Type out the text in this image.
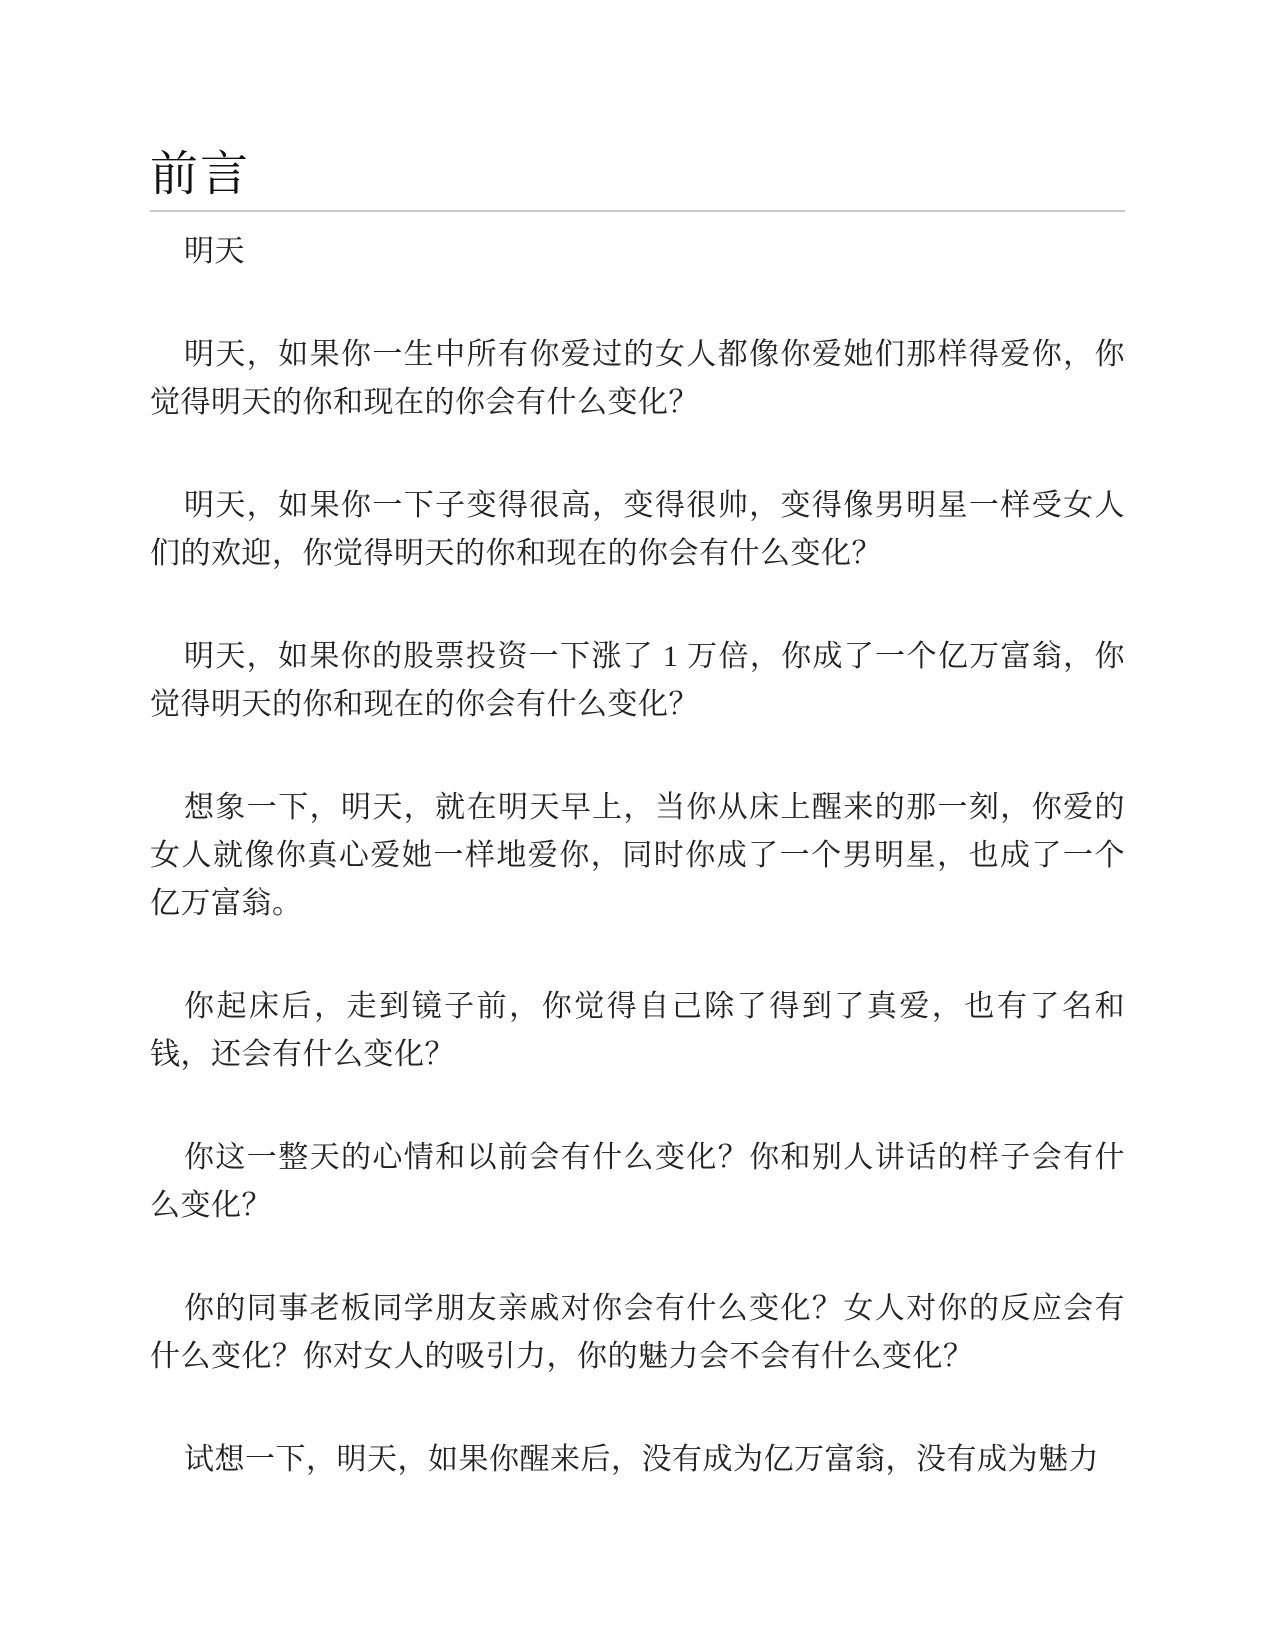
前言

明天

明天，如果你一生中所有你爱过的女人都像你爱她们那样得爱你，你觉得明天的你和现在的你会有什么变化？

明天，如果你一下子变得很高，变得很帅，变得像男明星一样受女人们的欢迎，你觉得明天的你和现在的你会有什么变化？

明天，如果你的股票投资一下涨了 1 万倍，你成了一个亿万富翁，你觉得明天的你和现在的你会有什么变化？

想象一下，明天，就在明天早上，当你从床上醒来的那一刻，你爱的女人就像你真心爱她一样地爱你，同时你成了一个男明星，也成了一个亿万富翁。

你起床后，走到镜子前，你觉得自己除了得到了真爱，也有了名和钱，还会有什么变化？

你这一整天的心情和以前会有什么变化？你和别人讲话的样子会有什么变化？

你的同事老板同学朋友亲戚对你会有什么变化？女人对你的反应会有什么变化？你对女人的吸引力，你的魅力会不会有什么变化？

试想一下，明天，如果你醒来后，没有成为亿万富翁，没有成为魅力
